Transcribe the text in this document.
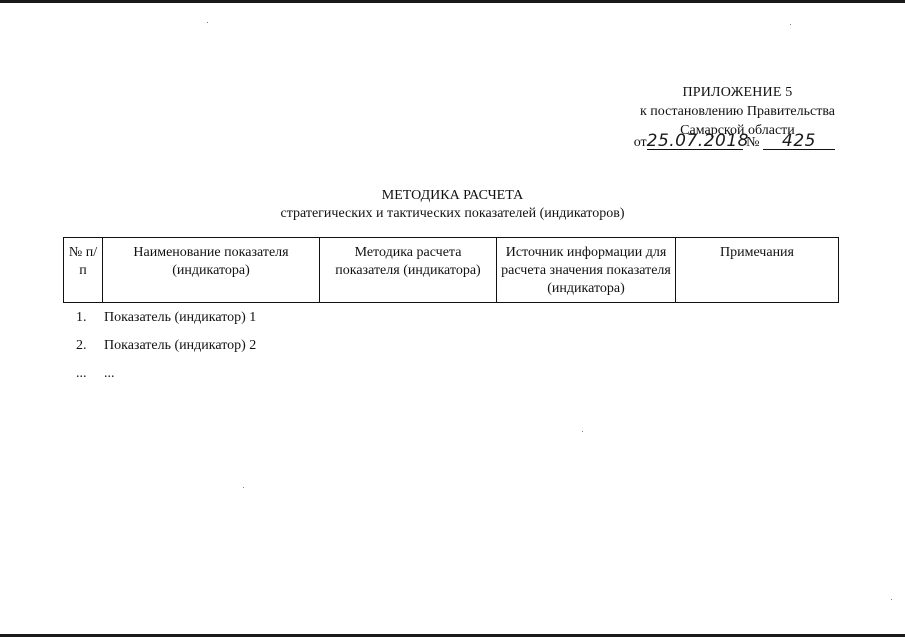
ПРИЛОЖЕНИЕ 5
к постановлению Правительства
Самарской области
от25.07.2018 № 425
МЕТОДИКА РАСЧЕТА
стратегических и тактических показателей (индикаторов)
№ п/п	Наименование показателя (индикатора)	Методика расчета показателя (индикатора)	Источник информации для расчета значения показателя (индикатора)	Примечания
1. Показатель (индикатор) 1
2. Показатель (индикатор) 2
... ...
